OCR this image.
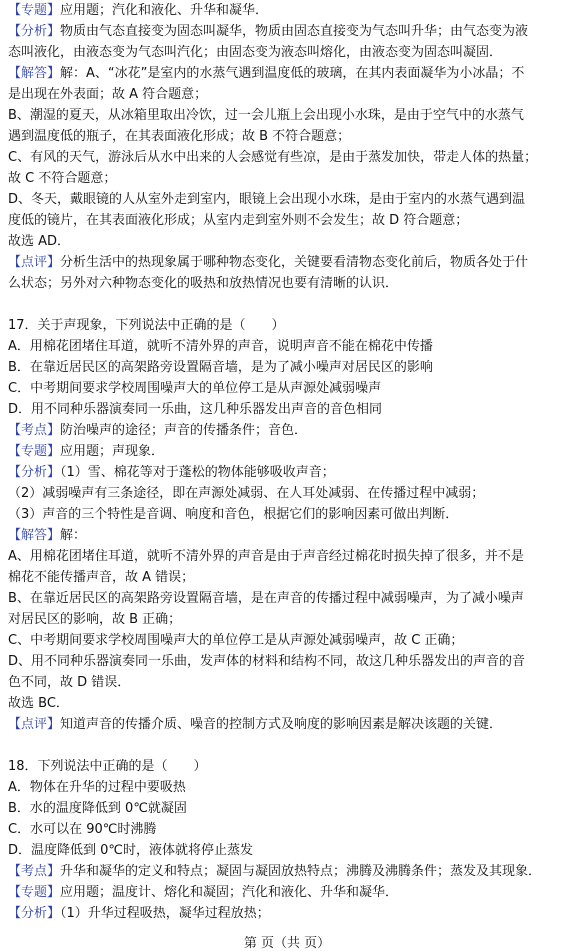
【专题】应用题；汽化和液化、升华和凝华．
【分析】物质由气态直接变为固态叫凝华，物质由固态直接变为气态叫升华；由气态变为液
态叫液化，由液态变为气态叫汽化；由固态变为液态叫熔化，由液态变为固态叫凝固．
【解答】解：A、“冰花”是室内的水蒸气遇到温度低的玻璃，在其内表面凝华为小冰晶；不
是出现在外表面；故 A 符合题意；
B、潮湿的夏天，从冰箱里取出冷饮，过一会儿瓶上会出现小水珠，是由于空气中的水蒸气
遇到温度低的瓶子，在其表面液化形成；故 B 不符合题意；
C、有风的天气，游泳后从水中出来的人会感觉有些凉，是由于蒸发加快，带走人体的热量；
故 C 不符合题意；
D、冬天，戴眼镜的人从室外走到室内，眼镜上会出现小水珠，是由于室内的水蒸气遇到温
度低的镜片，在其表面液化形成；从室内走到室外则不会发生；故 D 符合题意；
故选 AD．
【点评】分析生活中的热现象属于哪种物态变化，关键要看清物态变化前后，物质各处于什
么状态；另外对六种物态变化的吸热和放热情况也要有清晰的认识．
17．关于声现象，下列说法中正确的是（　　）
A．用棉花团堵住耳道，就听不清外界的声音，说明声音不能在棉花中传播
B．在靠近居民区的高架路旁设置隔音墙，是为了减小噪声对居民区的影响
C．中考期间要求学校周围噪声大的单位停工是从声源处减弱噪声
D．用不同种乐器演奏同一乐曲，这几种乐器发出声音的音色相同
【考点】防治噪声的途径；声音的传播条件；音色．
【专题】应用题；声现象．
【分析】（1）雪、棉花等对于蓬松的物体能够吸收声音；
（2）减弱噪声有三条途径，即在声源处减弱、在人耳处减弱、在传播过程中减弱；
（3）声音的三个特性是音调、响度和音色，根据它们的影响因素可做出判断．
【解答】解：
A、用棉花团堵住耳道，就听不清外界的声音是由于声音经过棉花时损失掉了很多，并不是
棉花不能传播声音，故 A 错误；
B、在靠近居民区的高架路旁设置隔音墙，是在声音的传播过程中减弱噪声，为了减小噪声
对居民区的影响，故 B 正确；
C、中考期间要求学校周围噪声大的单位停工是从声源处减弱噪声，故 C 正确；
D、用不同种乐器演奏同一乐曲，发声体的材料和结构不同，故这几种乐器发出的声音的音
色不同，故 D 错误．
故选 BC．
【点评】知道声音的传播介质、噪音的控制方式及响度的影响因素是解决该题的关键．
18．下列说法中正确的是（　　）
A．物体在升华的过程中要吸热
B．水的温度降低到 0℃就凝固
C．水可以在 90℃时沸腾
D．温度降低到 0℃时，液体就将停止蒸发
【考点】升华和凝华的定义和特点；凝固与凝固放热特点；沸腾及沸腾条件；蒸发及其现象．
【专题】应用题；温度计、熔化和凝固；汽化和液化、升华和凝华．
【分析】（1）升华过程吸热，凝华过程放热；
第 页（共 页）
